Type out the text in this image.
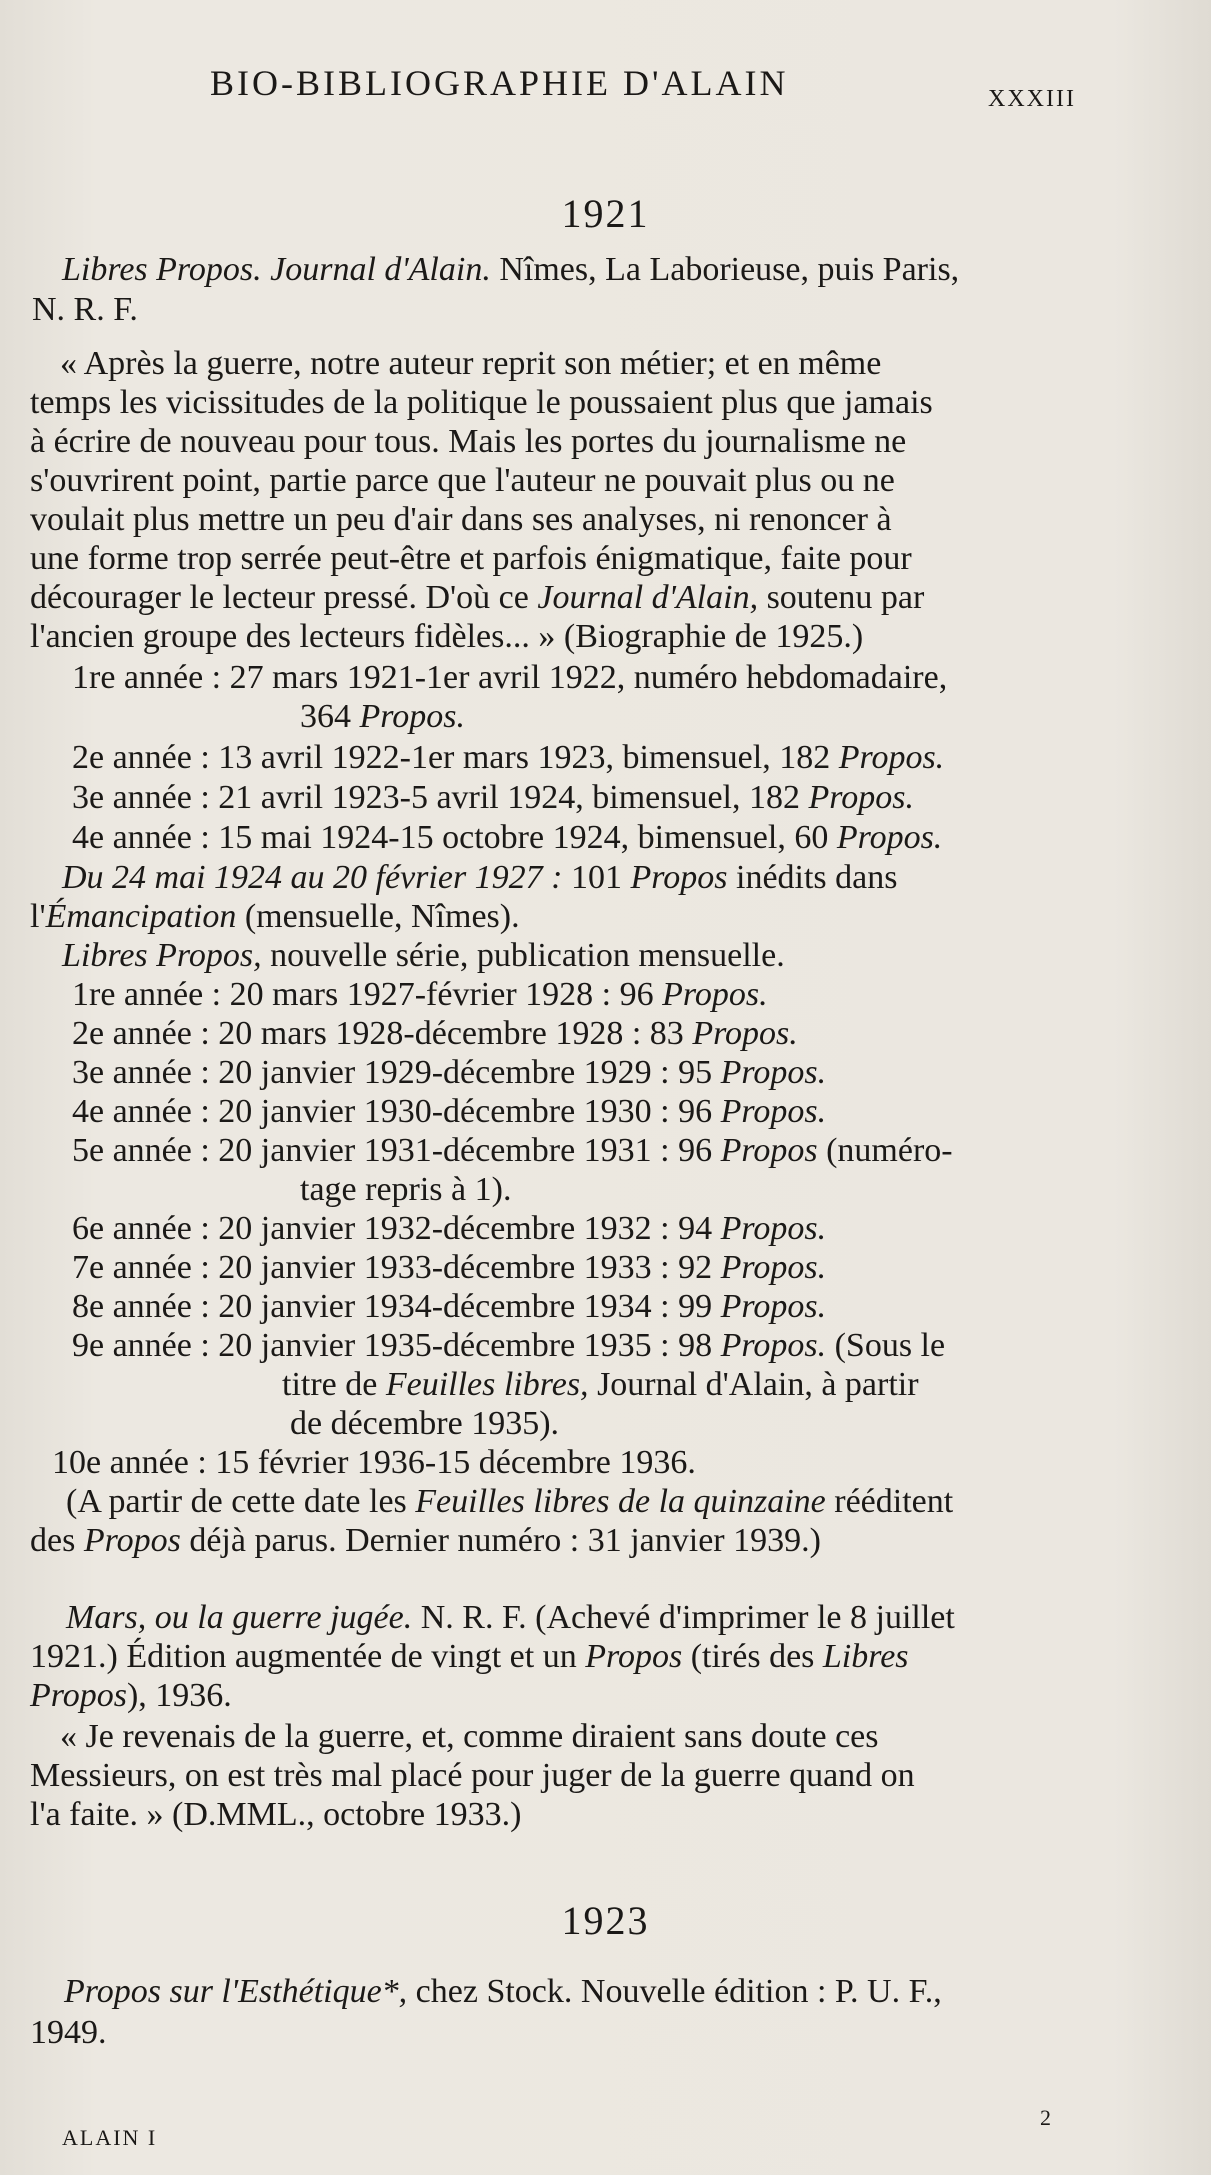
BIO-BIBLIOGRAPHIE D'ALAIN	XXXIII
1921
Libres Propos. Journal d'Alain. Nîmes, La Laborieuse, puis Paris,
N. R. F.
« Après la guerre, notre auteur reprit son métier; et en même
temps les vicissitudes de la politique le poussaient plus que jamais
à écrire de nouveau pour tous. Mais les portes du journalisme ne
s'ouvrirent point, partie parce que l'auteur ne pouvait plus ou ne
voulait plus mettre un peu d'air dans ses analyses, ni renoncer à
une forme trop serrée peut-être et parfois énigmatique, faite pour
décourager le lecteur pressé. D'où ce Journal d'Alain, soutenu par
l'ancien groupe des lecteurs fidèles... » (Biographie de 1925.)
1re année : 27 mars 1921-1er avril 1922, numéro hebdomadaire,
364 Propos.
2e année : 13 avril 1922-1er mars 1923, bimensuel, 182 Propos.
3e année : 21 avril 1923-5 avril 1924, bimensuel, 182 Propos.
4e année : 15 mai 1924-15 octobre 1924, bimensuel, 60 Propos.
Du 24 mai 1924 au 20 février 1927 : 101 Propos inédits dans
l'Émancipation (mensuelle, Nîmes).
Libres Propos, nouvelle série, publication mensuelle.
1re année : 20 mars 1927-février 1928 : 96 Propos.
2e année : 20 mars 1928-décembre 1928 : 83 Propos.
3e année : 20 janvier 1929-décembre 1929 : 95 Propos.
4e année : 20 janvier 1930-décembre 1930 : 96 Propos.
5e année : 20 janvier 1931-décembre 1931 : 96 Propos (numéro-
tage repris à 1).
6e année : 20 janvier 1932-décembre 1932 : 94 Propos.
7e année : 20 janvier 1933-décembre 1933 : 92 Propos.
8e année : 20 janvier 1934-décembre 1934 : 99 Propos.
9e année : 20 janvier 1935-décembre 1935 : 98 Propos. (Sous le
titre de Feuilles libres, Journal d'Alain, à partir
de décembre 1935).
10e année : 15 février 1936-15 décembre 1936.
(A partir de cette date les Feuilles libres de la quinzaine rééditent
des Propos déjà parus. Dernier numéro : 31 janvier 1939.)
Mars, ou la guerre jugée. N. R. F. (Achevé d'imprimer le 8 juillet
1921.) Édition augmentée de vingt et un Propos (tirés des Libres
Propos), 1936.
« Je revenais de la guerre, et, comme diraient sans doute ces
Messieurs, on est très mal placé pour juger de la guerre quand on
l'a faite. » (D.MML., octobre 1933.)
1923
Propos sur l'Esthétique*, chez Stock. Nouvelle édition : P. U. F.,
1949.
ALAIN I
2
